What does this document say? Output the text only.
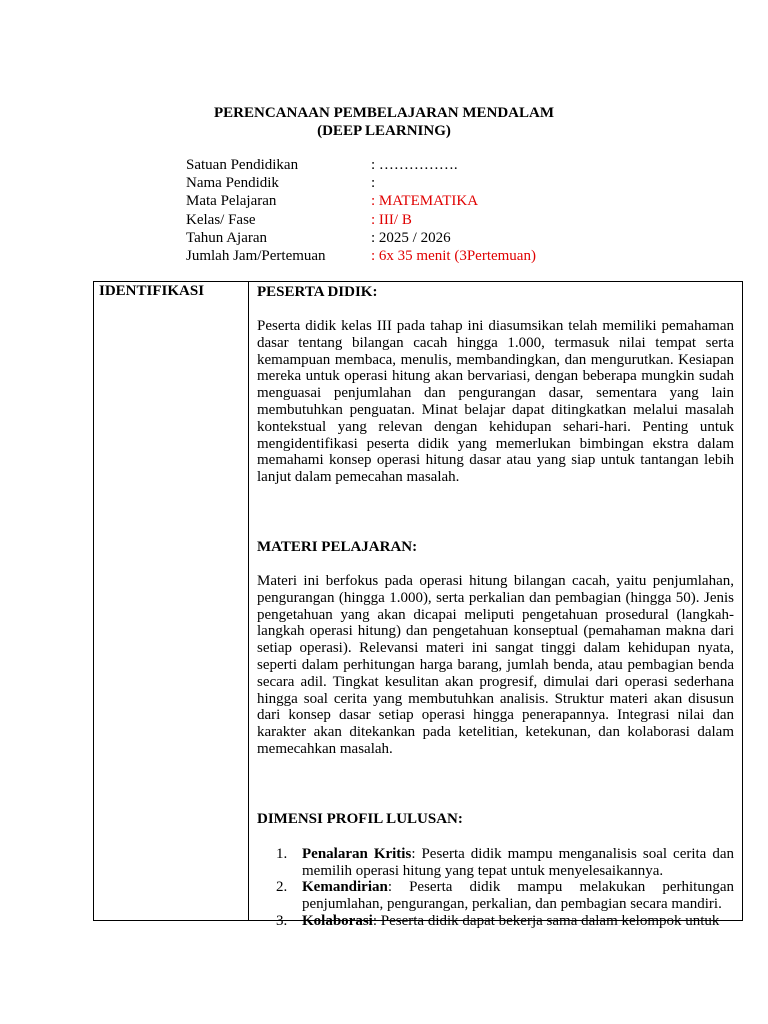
PERENCANAAN PEMBELAJARAN MENDALAM
(DEEP LEARNING)
Satuan Pendidikan	: …………….
Nama Pendidik	:
Mata Pelajaran	: MATEMATIKA
Kelas/ Fase	: III/ B
Tahun Ajaran	: 2025 / 2026
Jumlah Jam/Pertemuan	: 6x 35 menit (3Pertemuan)
IDENTIFIKASI	PESERTA DIDIK:

Peserta didik kelas III pada tahap ini diasumsikan telah memiliki pemahaman dasar tentang bilangan cacah hingga 1.000, termasuk nilai tempat serta kemampuan membaca, menulis, membandingkan, dan mengurutkan. Kesiapan mereka untuk operasi hitung akan bervariasi, dengan beberapa mungkin sudah menguasai penjumlahan dan pengurangan dasar, sementara yang lain membutuhkan penguatan. Minat belajar dapat ditingkatkan melalui masalah kontekstual yang relevan dengan kehidupan sehari-hari. Penting untuk mengidentifikasi peserta didik yang memerlukan bimbingan ekstra dalam memahami konsep operasi hitung dasar atau yang siap untuk tantangan lebih lanjut dalam pemecahan masalah.

MATERI PELAJARAN:

Materi ini berfokus pada operasi hitung bilangan cacah, yaitu penjumlahan, pengurangan (hingga 1.000), serta perkalian dan pembagian (hingga 50). Jenis pengetahuan yang akan dicapai meliputi pengetahuan prosedural (langkah-langkah operasi hitung) dan pengetahuan konseptual (pemahaman makna dari setiap operasi). Relevansi materi ini sangat tinggi dalam kehidupan nyata, seperti dalam perhitungan harga barang, jumlah benda, atau pembagian benda secara adil. Tingkat kesulitan akan progresif, dimulai dari operasi sederhana hingga soal cerita yang membutuhkan analisis. Struktur materi akan disusun dari konsep dasar setiap operasi hingga penerapannya. Integrasi nilai dan karakter akan ditekankan pada ketelitian, ketekunan, dan kolaborasi dalam memecahkan masalah.

DIMENSI PROFIL LULUSAN:
1. Penalaran Kritis: Peserta didik mampu menganalisis soal cerita dan memilih operasi hitung yang tepat untuk menyelesaikannya.
2. Kemandirian: Peserta didik mampu melakukan perhitungan penjumlahan, pengurangan, perkalian, dan pembagian secara mandiri.
3. Kolaborasi: Peserta didik dapat bekerja sama dalam kelompok untuk
